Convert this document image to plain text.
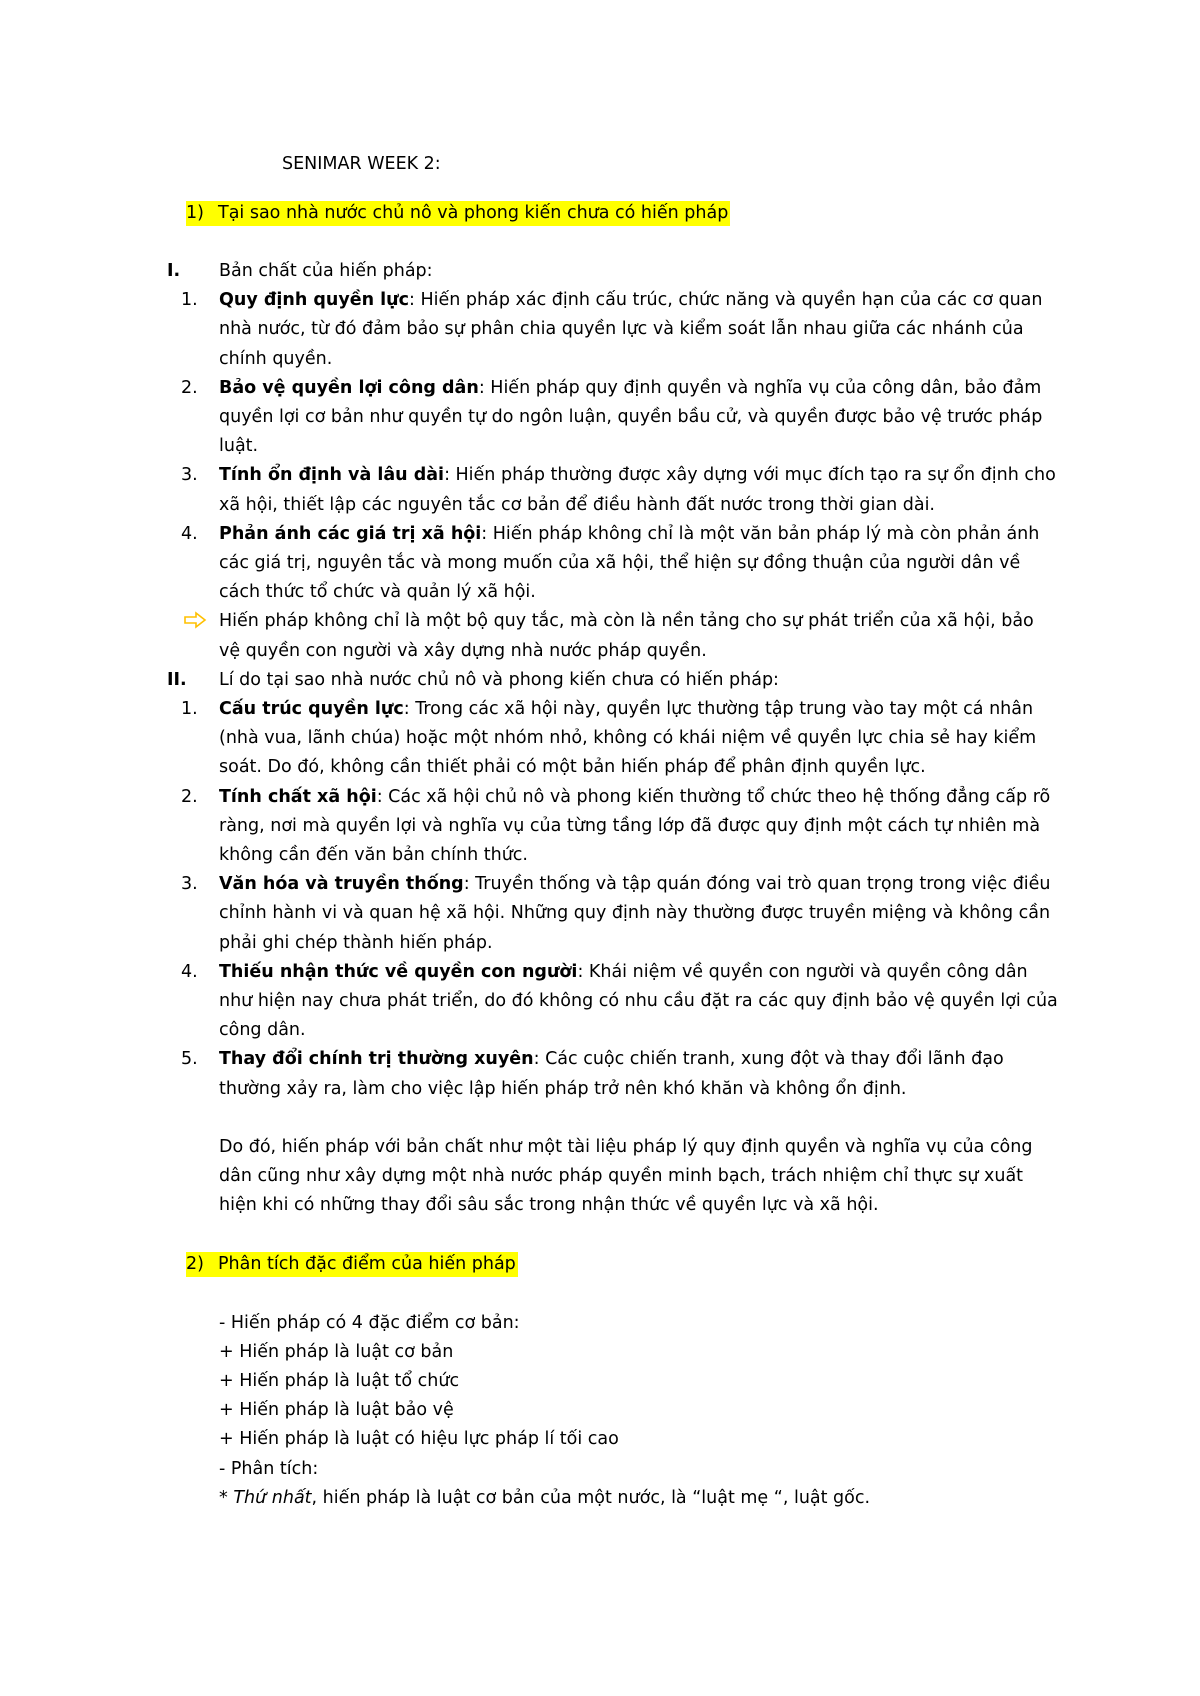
SENIMAR WEEK 2:
1) Tại sao nhà nước chủ nô và phong kiến chưa có hiến pháp
I. Bản chất của hiến pháp:
1. Quy định quyền lực: Hiến pháp xác định cấu trúc, chức năng và quyền hạn của các cơ quan nhà nước, từ đó đảm bảo sự phân chia quyền lực và kiểm soát lẫn nhau giữa các nhánh của chính quyền.
2. Bảo vệ quyền lợi công dân: Hiến pháp quy định quyền và nghĩa vụ của công dân, bảo đảm quyền lợi cơ bản như quyền tự do ngôn luận, quyền bầu cử, và quyền được bảo vệ trước pháp luật.
3. Tính ổn định và lâu dài: Hiến pháp thường được xây dựng với mục đích tạo ra sự ổn định cho xã hội, thiết lập các nguyên tắc cơ bản để điều hành đất nước trong thời gian dài.
4. Phản ánh các giá trị xã hội: Hiến pháp không chỉ là một văn bản pháp lý mà còn phản ánh các giá trị, nguyên tắc và mong muốn của xã hội, thể hiện sự đồng thuận của người dân về cách thức tổ chức và quản lý xã hội.
Hiến pháp không chỉ là một bộ quy tắc, mà còn là nền tảng cho sự phát triển của xã hội, bảo vệ quyền con người và xây dựng nhà nước pháp quyền.
II. Lí do tại sao nhà nước chủ nô và phong kiến chưa có hiến pháp:
1. Cấu trúc quyền lực: Trong các xã hội này, quyền lực thường tập trung vào tay một cá nhân (nhà vua, lãnh chúa) hoặc một nhóm nhỏ, không có khái niệm về quyền lực chia sẻ hay kiểm soát. Do đó, không cần thiết phải có một bản hiến pháp để phân định quyền lực.
2. Tính chất xã hội: Các xã hội chủ nô và phong kiến thường tổ chức theo hệ thống đẳng cấp rõ ràng, nơi mà quyền lợi và nghĩa vụ của từng tầng lớp đã được quy định một cách tự nhiên mà không cần đến văn bản chính thức.
3. Văn hóa và truyền thống: Truyền thống và tập quán đóng vai trò quan trọng trong việc điều chỉnh hành vi và quan hệ xã hội. Những quy định này thường được truyền miệng và không cần phải ghi chép thành hiến pháp.
4. Thiếu nhận thức về quyền con người: Khái niệm về quyền con người và quyền công dân như hiện nay chưa phát triển, do đó không có nhu cầu đặt ra các quy định bảo vệ quyền lợi của công dân.
5. Thay đổi chính trị thường xuyên: Các cuộc chiến tranh, xung đột và thay đổi lãnh đạo thường xảy ra, làm cho việc lập hiến pháp trở nên khó khăn và không ổn định.
Do đó, hiến pháp với bản chất như một tài liệu pháp lý quy định quyền và nghĩa vụ của công dân cũng như xây dựng một nhà nước pháp quyền minh bạch, trách nhiệm chỉ thực sự xuất hiện khi có những thay đổi sâu sắc trong nhận thức về quyền lực và xã hội.
2) Phân tích đặc điểm của hiến pháp
- Hiến pháp có 4 đặc điểm cơ bản:
+ Hiến pháp là luật cơ bản
+ Hiến pháp là luật tổ chức
+ Hiến pháp là luật bảo vệ
+ Hiến pháp là luật có hiệu lực pháp lí tối cao
- Phân tích:
* Thứ nhất, hiến pháp là luật cơ bản của một nước, là “luật mẹ “, luật gốc.
